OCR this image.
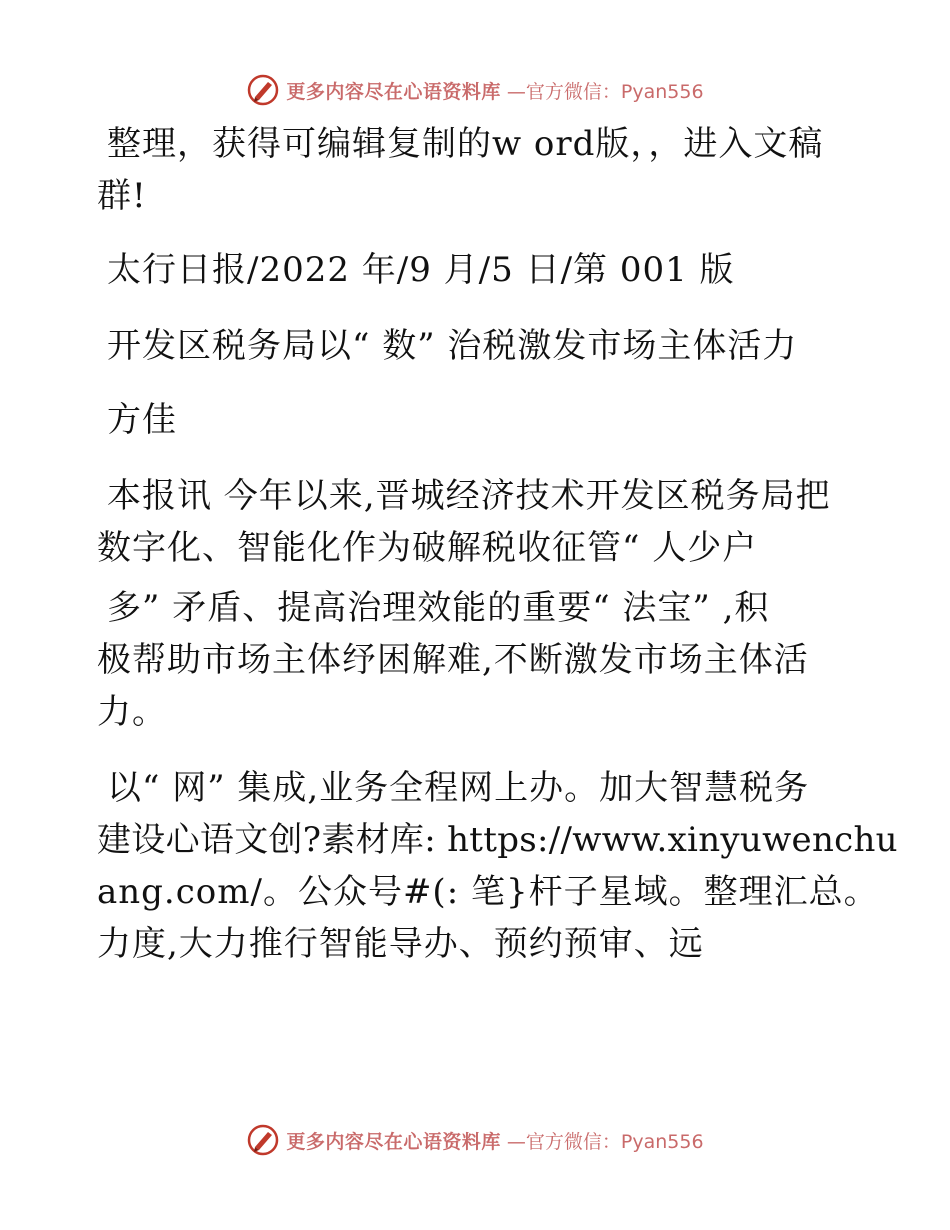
更多内容尽在心语资料库 —官方微信：Pyan556
整理，获得可编辑复制的w ord版，，进入文稿
群!
太行日报/2022 年/9 月/5 日/第 001 版
开发区税务局以“ 数” 治税激发市场主体活力
方佳
本报讯 今年以来,晋城经济技术开发区税务局把
数字化、智能化作为破解税收征管“ 人少户
多” 矛盾、提高治理效能的重要“ 法宝” ,积
极帮助市场主体纾困解难,不断激发市场主体活
力。
以“ 网” 集成,业务全程网上办。加大智慧税务
建设心语文创?素材库: https://www.xinyuwenchu
ang.com/。公众号#(: 笔}杆子星域。整理汇总。
力度,大力推行智能导办、预约预审、远
更多内容尽在心语资料库 —官方微信：Pyan556
